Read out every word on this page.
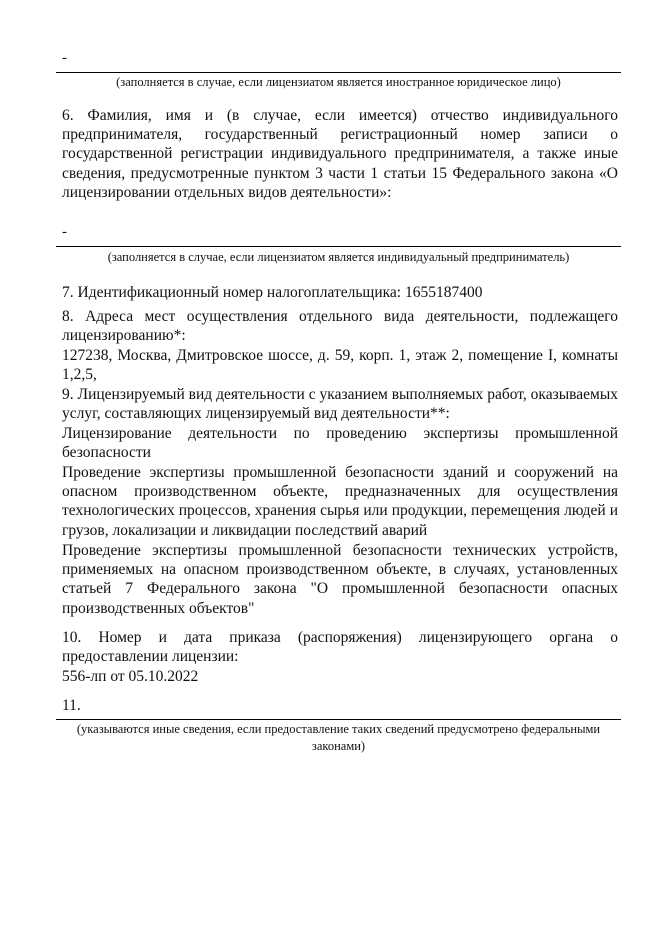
-
(заполняется в случае, если лицензиатом является иностранное юридическое лицо)
6. Фамилия, имя и (в случае, если имеется) отчество индивидуального предпринимателя, государственный регистрационный номер записи о государственной регистрации индивидуального предпринимателя, а также иные сведения, предусмотренные пунктом 3 части 1 статьи 15 Федерального закона «О лицензировании отдельных видов деятельности»:
-
(заполняется в случае, если лицензиатом является индивидуальный предприниматель)
7. Идентификационный номер налогоплательщика: 1655187400
8. Адреса мест осуществления отдельного вида деятельности, подлежащего лицензированию*:
127238, Москва, Дмитровское шоссе, д. 59, корп. 1, этаж 2, помещение I, комнаты 1,2,5,
9. Лицензируемый вид деятельности с указанием выполняемых работ, оказываемых услуг, составляющих лицензируемый вид деятельности**:
Лицензирование деятельности по проведению экспертизы промышленной безопасности
Проведение экспертизы промышленной безопасности зданий и сооружений на опасном производственном объекте, предназначенных для осуществления технологических процессов, хранения сырья или продукции, перемещения людей и грузов, локализации и ликвидации последствий аварий
Проведение экспертизы промышленной безопасности технических устройств, применяемых на опасном производственном объекте, в случаях, установленных статьей 7 Федерального закона "О промышленной безопасности опасных производственных объектов"
10. Номер и дата приказа (распоряжения) лицензирующего органа о предоставлении лицензии:
556-лп от 05.10.2022
11.
(указываются иные сведения, если предоставление таких сведений предусмотрено федеральными законами)
